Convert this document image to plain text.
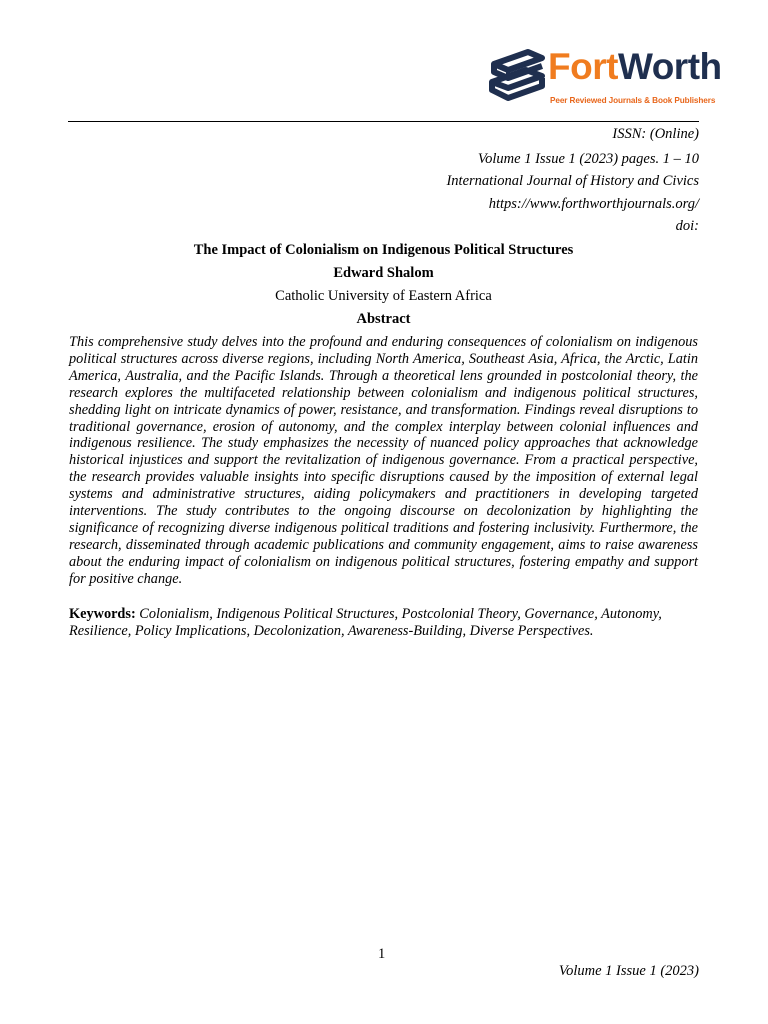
FortWorth
Peer Reviewed Journals & Book Publishers
ISSN: (Online)
Volume 1 Issue 1 (2023) pages. 1 – 10
International Journal of History and Civics
https://www.forthworthjournals.org/
doi:
The Impact of Colonialism on Indigenous Political Structures
Edward Shalom
Catholic University of Eastern Africa
Abstract
This comprehensive study delves into the profound and enduring consequences of colonialism on indigenous political structures across diverse regions, including North America, Southeast Asia, Africa, the Arctic, Latin America, Australia, and the Pacific Islands. Through a theoretical lens grounded in postcolonial theory, the research explores the multifaceted relationship between colonialism and indigenous political structures, shedding light on intricate dynamics of power, resistance, and transformation. Findings reveal disruptions to traditional governance, erosion of autonomy, and the complex interplay between colonial influences and indigenous resilience. The study emphasizes the necessity of nuanced policy approaches that acknowledge historical injustices and support the revitalization of indigenous governance. From a practical perspective, the research provides valuable insights into specific disruptions caused by the imposition of external legal systems and administrative structures, aiding policymakers and practitioners in developing targeted interventions. The study contributes to the ongoing discourse on decolonization by highlighting the significance of recognizing diverse indigenous political traditions and fostering inclusivity. Furthermore, the research, disseminated through academic publications and community engagement, aims to raise awareness about the enduring impact of colonialism on indigenous political structures, fostering empathy and support for positive change.
Keywords: Colonialism, Indigenous Political Structures, Postcolonial Theory, Governance, Autonomy, Resilience, Policy Implications, Decolonization, Awareness-Building, Diverse Perspectives.
1
Volume 1 Issue 1 (2023)
